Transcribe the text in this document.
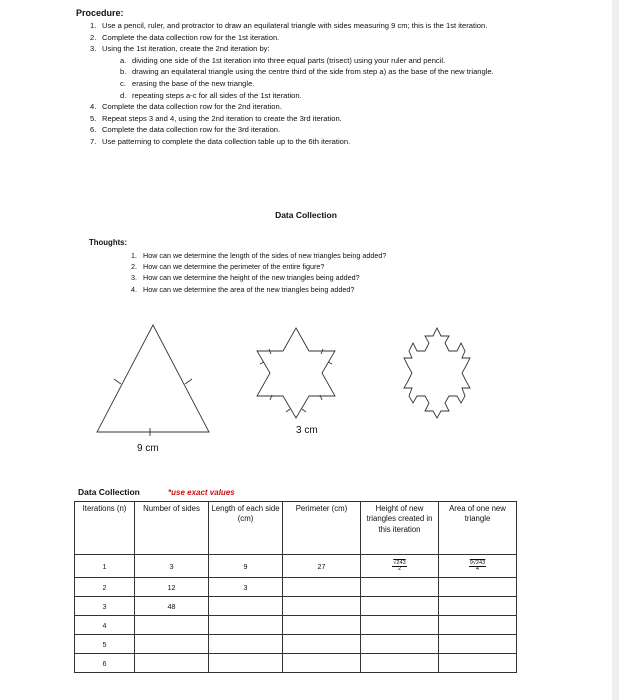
Procedure:
1. Use a pencil, ruler, and protractor to draw an equilateral triangle with sides measuring 9 cm; this is the 1st iteration.
2. Complete the data collection row for the 1st iteration.
3. Using the 1st iteration, create the 2nd iteration by:
a. dividing one side of the 1st iteration into three equal parts (trisect) using your ruler and pencil.
b. drawing an equilateral triangle using the centre third of the side from step a) as the base of the new triangle.
c. erasing the base of the new triangle.
d. repeating steps a-c for all sides of the 1st iteration.
4. Complete the data collection row for the 2nd iteration.
5. Repeat steps 3 and 4, using the 2nd iteration to create the 3rd iteration.
6. Complete the data collection row for the 3rd iteration.
7. Use patterning to complete the data collection table up to the 6th iteration.
Data Collection
Thoughts:
1. How can we determine the length of the sides of new triangles being added?
2. How can we determine the perimeter of the entire figure?
3. How can we determine the height of the new triangles being added?
4. How can we determine the area of the new triangles being added?
9 cm
3 cm
Data Collection	*use exact values
Iterations (n)	Number of sides	Length of each side (cm)	Perimeter (cm)	Height of new triangles created in this iteration	Area of one new triangle
1	3	9	27	$\frac{√243}{2}$	$\frac{9√243}{4}$

2	12	3			
3	48				
4					
5					
6					
